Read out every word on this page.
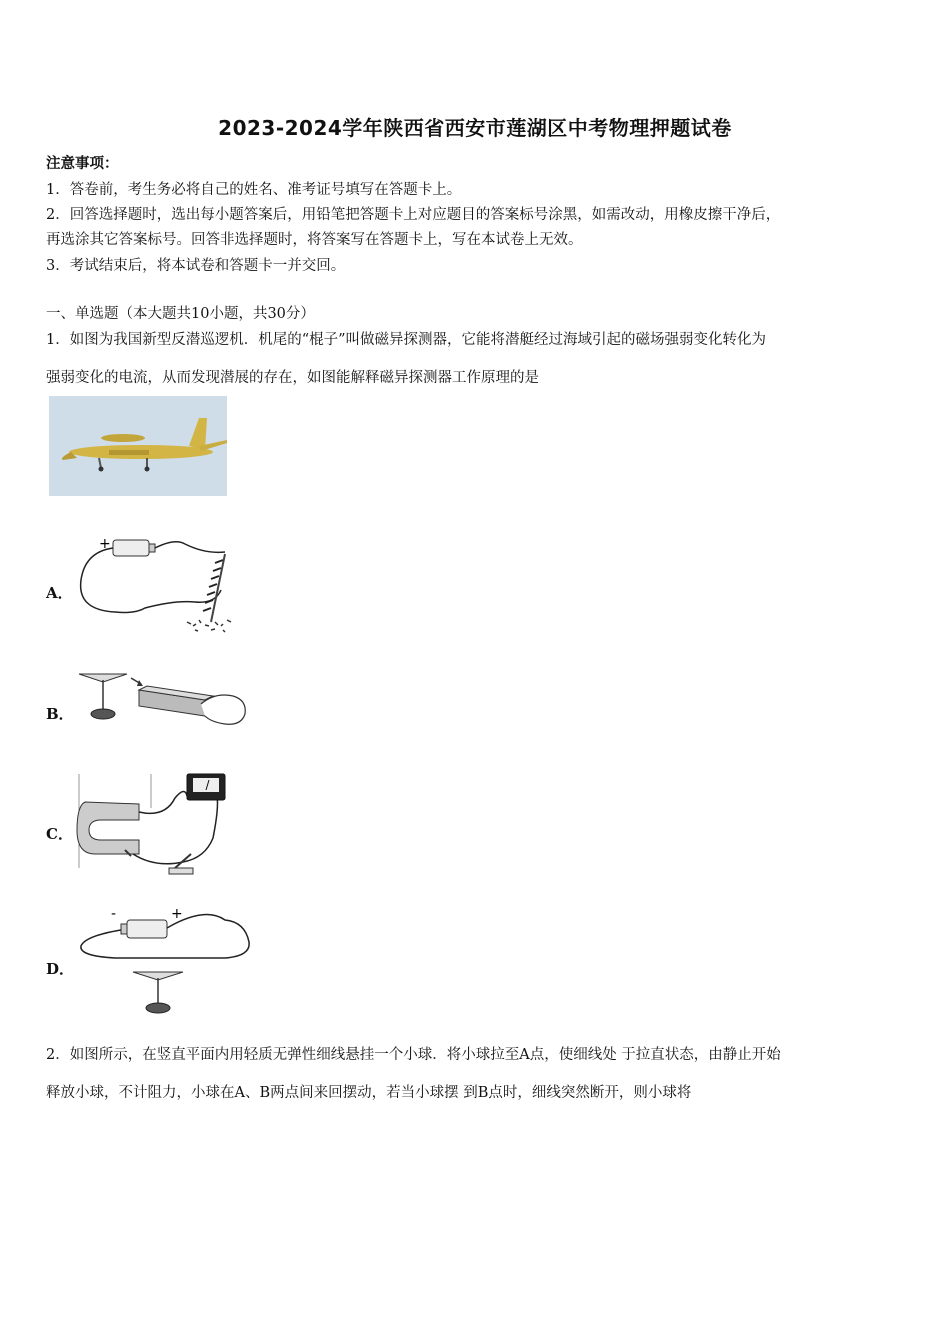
2023-2024学年陕西省西安市莲湖区中考物理押题试卷
注意事项：
1．答卷前，考生务必将自己的姓名、准考证号填写在答题卡上。
2．回答选择题时，选出每小题答案后，用铅笔把答题卡上对应题目的答案标号涂黑，如需改动，用橡皮擦干净后，
再选涂其它答案标号。回答非选择题时，将答案写在答题卡上，写在本试卷上无效。
3．考试结束后，将本试卷和答题卡一并交回。
一、单选题（本大题共10小题，共30分）
1．如图为我国新型反潜巡逻机．机尾的“棍子”叫做磁异探测器，它能将潜艇经过海域引起的磁场强弱变化转化为
强弱变化的电流，从而发现潜展的存在，如图能解释磁异探测器工作原理的是
A．
+
B．
C．
D．
-	+
2．如图所示，在竖直平面内用轻质无弹性细线悬挂一个小球．将小球拉至A点，使细线处 于拉直状态，由静止开始
释放小球，不计阻力，小球在A、B两点间来回摆动，若当小球摆 到B点时，细线突然断开，则小球将
